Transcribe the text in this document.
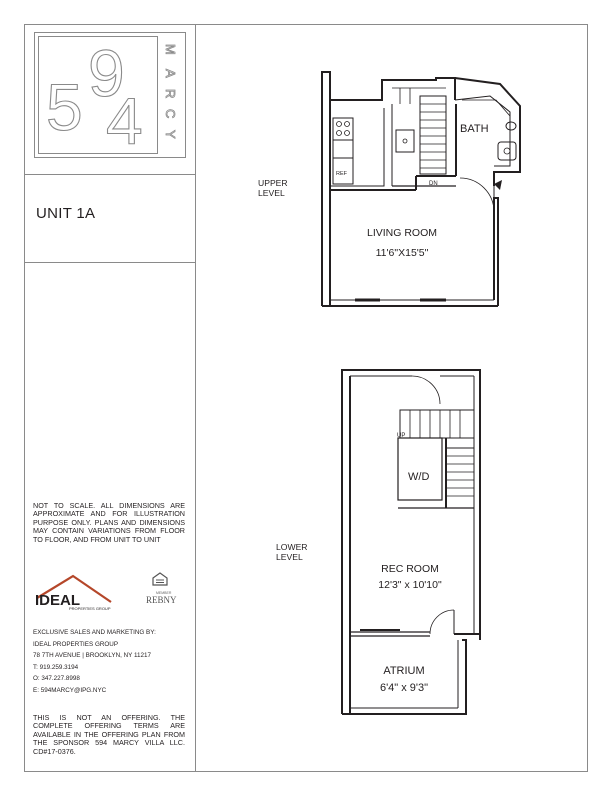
5 9
4
M
A
R
C
Y
UNIT 1A
NOT TO SCALE. ALL DIMENSIONS ARE APPROXIMATE AND FOR ILLUSTRATION PURPOSE ONLY. PLANS AND DIMENSIONS MAY CONTAIN VARIATIONS FROM FLOOR TO FLOOR, AND FROM UNIT TO UNIT
IDEAL
PROPERTIES GROUP
MEMBER
REBNY
EXCLUSIVE SALES AND MARKETING BY:
IDEAL PROPERTIES GROUP
78 7TH AVENUE | BROOKLYN, NY 11217
T: 919.259.3194
O: 347.227.8998
E: 594MARCY@IPG.NYC
THIS IS NOT AN OFFERING. THE COMPLETE OFFERING TERMS ARE AVAILABLE IN THE OFFERING PLAN FROM THE SPONSOR 594 MARCY VILLA LLC. CD#17-0376.
UPPER
LEVEL
LOWER
LEVEL
BATH
REF
DN
LIVING ROOM
11'6"X15'5"
UP
W/D
REC ROOM
12'3" x 10'10"
ATRIUM
6'4" x 9'3"
